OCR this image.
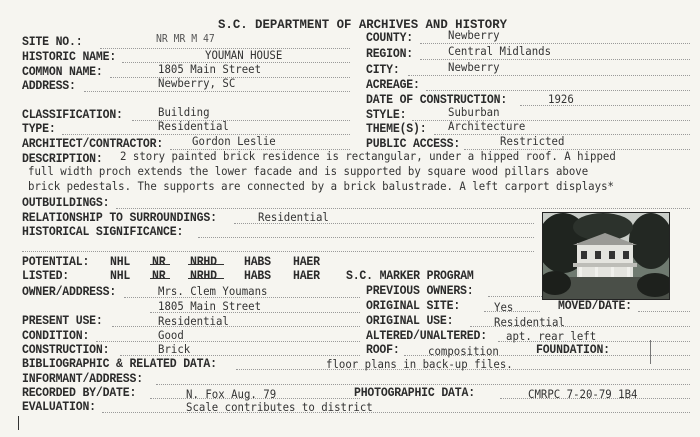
S.C. DEPARTMENT OF ARCHIVES AND HISTORY
SITE NO.:	NR MR M 47
HISTORIC NAME:	YOUMAN HOUSE
COMMON NAME:	1805 Main Street
ADDRESS:	Newberry, SC
CLASSIFICATION:	Building
TYPE:	Residential
ARCHITECT/CONTRACTOR:	Gordon Leslie
COUNTY:	Newberry
REGION:	Central Midlands
CITY:	Newberry
ACREAGE:
DATE OF CONSTRUCTION:	1926
STYLE:	Suburban
THEME(S): Architecture
PUBLIC ACCESS:	Restricted
DESCRIPTION: 2 story painted brick residence is rectangular, under a hipped roof. A hipped
full width proch extends the lower facade and is supported by square wood pillars above
brick pedestals. The supports are connected by a brick balustrade. A left carport displays*
OUTBUILDINGS:
RELATIONSHIP TO SURROUNDINGS:	Residential
HISTORICAL SIGNIFICANCE:
POTENTIAL: NHL NR NRHD HABS HAER
LISTED:	NHL NR NRHD HABS HAER S.C. MARKER PROGRAM
OWNER/ADDRESS:	Mrs. Clem Youmans
1805 Main Street
PREVIOUS OWNERS:
PRESENT USE:	Residential
CONDITION:	Good
CONSTRUCTION:	Brick
BIBLIOGRAPHIC & RELATED DATA:	floor plans in back-up files.
INFORMANT/ADDRESS:
RECORDED BY/DATE:	N. Fox Aug. 79
EVALUATION:	Scale contributes to district
ORIGINAL SITE:	Yes	MOVED/DATE:
ORIGINAL USE:	Residential
ALTERED/UNALTERED: apt. rear left
ROOF: composition	FOUNDATION:
PHOTOGRAPHIC DATA:	CMRPC 7-20-79 1B4
